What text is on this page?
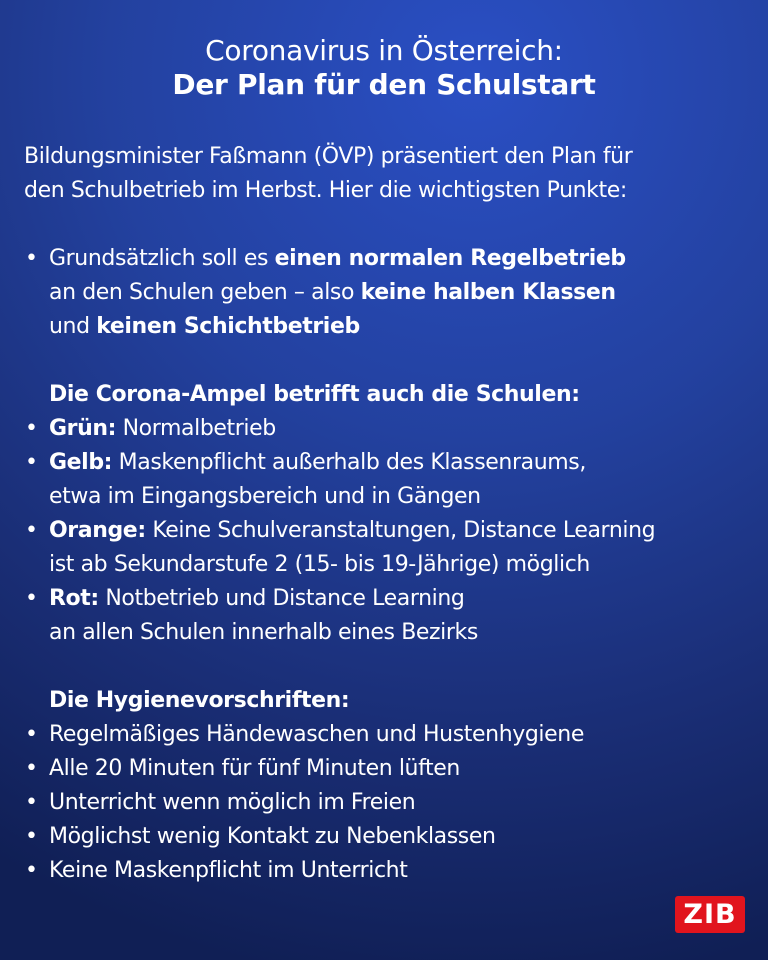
Coronavirus in Österreich:
Der Plan für den Schulstart

Bildungsminister Faßmann (ÖVP) präsentiert den Plan für
den Schulbetrieb im Herbst. Hier die wichtigsten Punkte:

• Grundsätzlich soll es einen normalen Regelbetrieb
an den Schulen geben – also keine halben Klassen
und keinen Schichtbetrieb
Die Corona-Ampel betrifft auch die Schulen:
• Grün: Normalbetrieb
• Gelb: Maskenpflicht außerhalb des Klassenraums,
etwa im Eingangsbereich und in Gängen
• Orange: Keine Schulveranstaltungen, Distance Learning
ist ab Sekundarstufe 2 (15- bis 19-Jährige) möglich
• Rot: Notbetrieb und Distance Learning
an allen Schulen innerhalb eines Bezirks
Die Hygienevorschriften:
• Regelmäßiges Händewaschen und Hustenhygiene
• Alle 20 Minuten für fünf Minuten lüften
• Unterricht wenn möglich im Freien
• Möglichst wenig Kontakt zu Nebenklassen
• Keine Maskenpflicht im Unterricht
ZIB
